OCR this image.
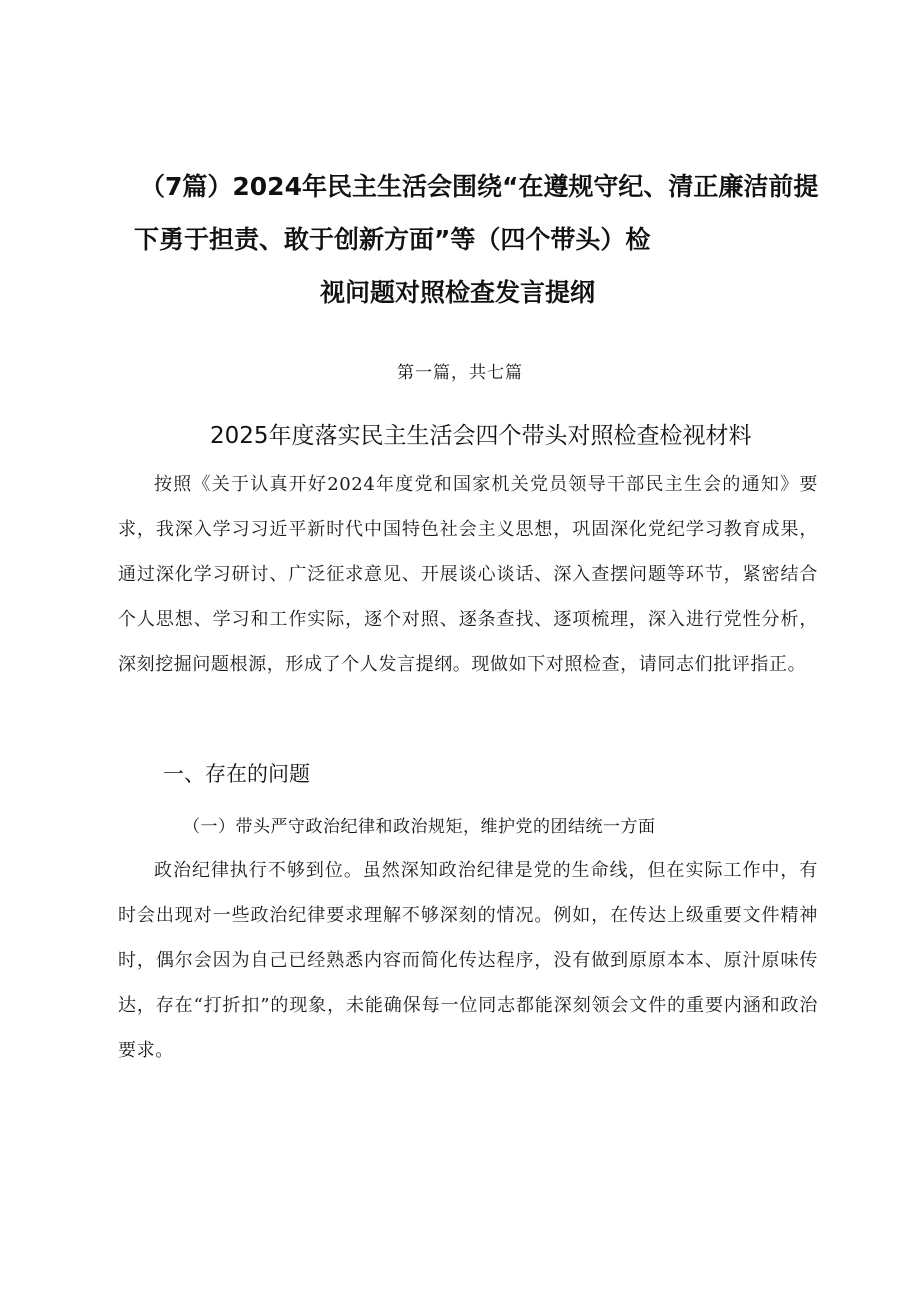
（7篇）2024年民主生活会围绕“在遵规守纪、清正廉洁前提
下勇于担责、敢于创新方面”等（四个带头）检
视问题对照检查发言提纲
第一篇，共七篇
2025年度落实民主生活会四个带头对照检查检视材料

按照《关于认真开好2024年度党和国家机关党员领导干部民主生会的通知》要求，我深入学习习近平新时代中国特色社会主义思想，巩固深化党纪学习教育成果，通过深化学习研讨、广泛征求意见、开展谈心谈话、深入查摆问题等环节，紧密结合个人思想、学习和工作实际，逐个对照、逐条查找、逐项梳理，深入进行党性分析，深刻挖掘问题根源，形成了个人发言提纲。现做如下对照检查，请同志们批评指正。

一、存在的问题
（一）带头严守政治纪律和政治规矩，维护党的团结统一方面

政治纪律执行不够到位。虽然深知政治纪律是党的生命线，但在实际工作中，有时会出现对一些政治纪律要求理解不够深刻的情况。例如，在传达上级重要文件精神时，偶尔会因为自己已经熟悉内容而简化传达程序，没有做到原原本本、原汁原味传达，存在“打折扣”的现象，未能确保每一位同志都能深刻领会文件的重要内涵和政治要求。
